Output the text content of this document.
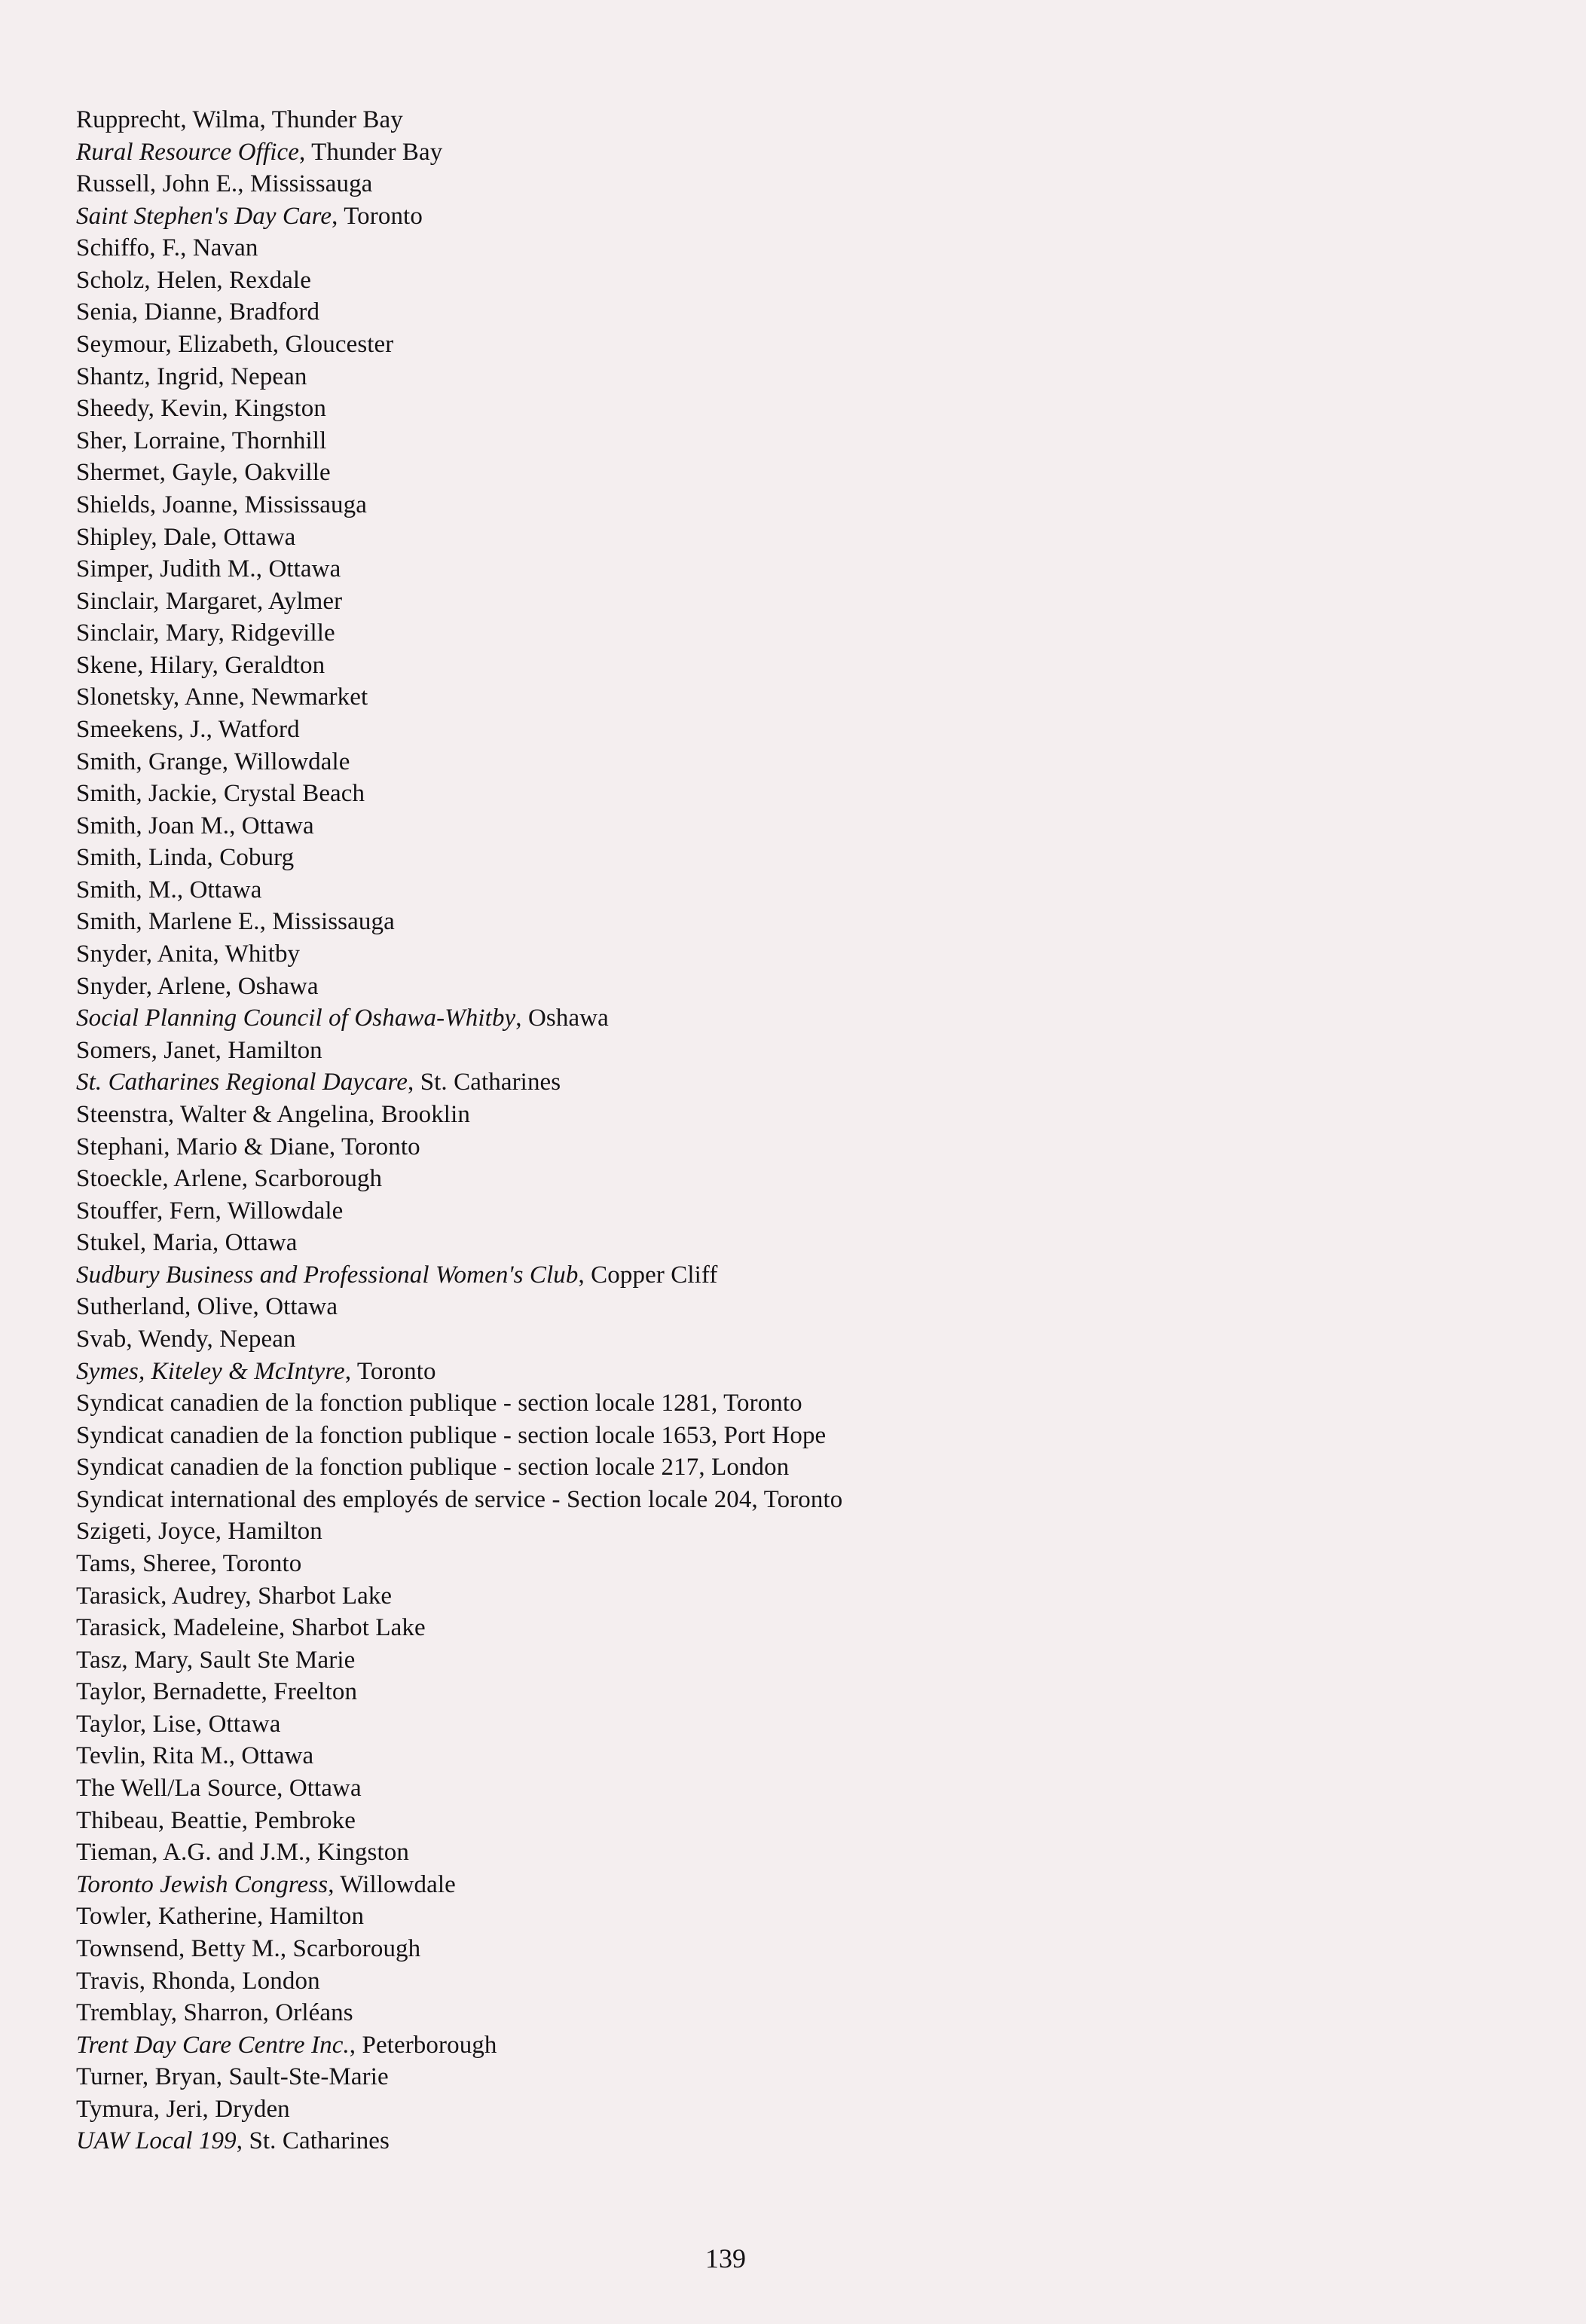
Rupprecht, Wilma, Thunder Bay
Rural Resource Office, Thunder Bay
Russell, John E., Mississauga
Saint Stephen's Day Care, Toronto
Schiffo, F., Navan
Scholz, Helen, Rexdale
Senia, Dianne, Bradford
Seymour, Elizabeth, Gloucester
Shantz, Ingrid, Nepean
Sheedy, Kevin, Kingston
Sher, Lorraine, Thornhill
Shermet, Gayle, Oakville
Shields, Joanne, Mississauga
Shipley, Dale, Ottawa
Simper, Judith M., Ottawa
Sinclair, Margaret, Aylmer
Sinclair, Mary, Ridgeville
Skene, Hilary, Geraldton
Slonetsky, Anne, Newmarket
Smeekens, J., Watford
Smith, Grange, Willowdale
Smith, Jackie, Crystal Beach
Smith, Joan M., Ottawa
Smith, Linda, Coburg
Smith, M., Ottawa
Smith, Marlene E., Mississauga
Snyder, Anita, Whitby
Snyder, Arlene, Oshawa
Social Planning Council of Oshawa-Whitby, Oshawa
Somers, Janet, Hamilton
St. Catharines Regional Daycare, St. Catharines
Steenstra, Walter & Angelina, Brooklin
Stephani, Mario & Diane, Toronto
Stoeckle, Arlene, Scarborough
Stouffer, Fern, Willowdale
Stukel, Maria, Ottawa
Sudbury Business and Professional Women's Club, Copper Cliff
Sutherland, Olive, Ottawa
Svab, Wendy, Nepean
Symes, Kiteley & McIntyre, Toronto
Syndicat canadien de la fonction publique - section locale 1281, Toronto
Syndicat canadien de la fonction publique - section locale 1653, Port Hope
Syndicat canadien de la fonction publique - section locale 217, London
Syndicat international des employés de service - Section locale 204, Toronto
Szigeti, Joyce, Hamilton
Tams, Sheree, Toronto
Tarasick, Audrey, Sharbot Lake
Tarasick, Madeleine, Sharbot Lake
Tasz, Mary, Sault Ste Marie
Taylor, Bernadette, Freelton
Taylor, Lise, Ottawa
Tevlin, Rita M., Ottawa
The Well/La Source, Ottawa
Thibeau, Beattie, Pembroke
Tieman, A.G. and J.M., Kingston
Toronto Jewish Congress, Willowdale
Towler, Katherine, Hamilton
Townsend, Betty M., Scarborough
Travis, Rhonda, London
Tremblay, Sharron, Orléans
Trent Day Care Centre Inc., Peterborough
Turner, Bryan, Sault-Ste-Marie
Tymura, Jeri, Dryden
UAW Local 199, St. Catharines
139
